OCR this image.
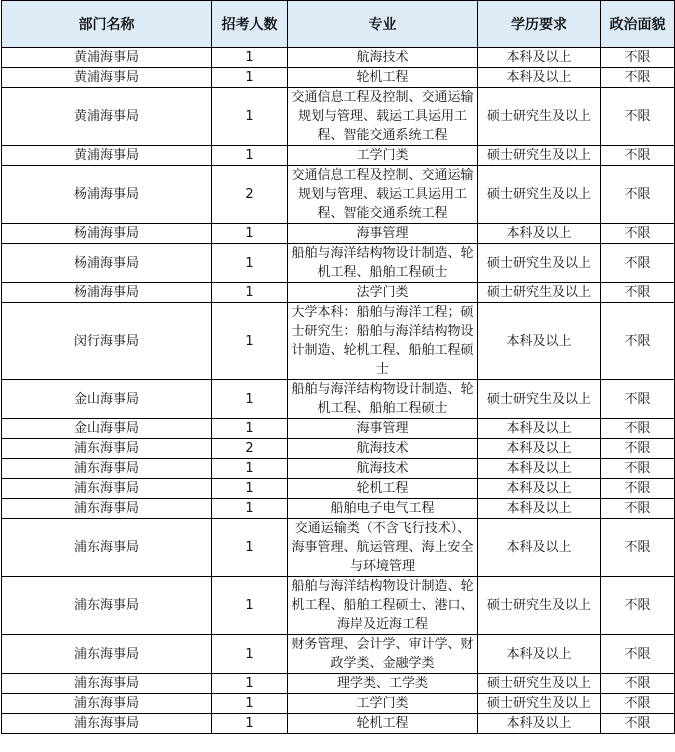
部门名称	招考人数	专业	学历要求	政治面貌
黄浦海事局	1	航海技术	本科及以上	不限
黄浦海事局	1	轮机工程	本科及以上	不限
黄浦海事局	1	交通信息工程及控制、交通运输规划与管理、载运工具运用工程、智能交通系统工程	硕士研究生及以上	不限
黄浦海事局	1	工学门类	硕士研究生及以上	不限
杨浦海事局	2	交通信息工程及控制、交通运输规划与管理、载运工具运用工程、智能交通系统工程	硕士研究生及以上	不限
杨浦海事局	1	海事管理	本科及以上	不限
杨浦海事局	1	船舶与海洋结构物设计制造、轮机工程、船舶工程硕士	硕士研究生及以上	不限
杨浦海事局	1	法学门类	硕士研究生及以上	不限
闵行海事局	1	大学本科：船舶与海洋工程；硕士研究生：船舶与海洋结构物设计制造、轮机工程、船舶工程硕士	本科及以上	不限
金山海事局	1	船舶与海洋结构物设计制造、轮机工程、船舶工程硕士	硕士研究生及以上	不限
金山海事局	1	海事管理	本科及以上	不限
浦东海事局	2	航海技术	本科及以上	不限
浦东海事局	1	航海技术	本科及以上	不限
浦东海事局	1	轮机工程	本科及以上	不限
浦东海事局	1	船舶电子电气工程	本科及以上	不限
浦东海事局	1	交通运输类（不含飞行技术）、海事管理、航运管理、海上安全与环境管理	本科及以上	不限
浦东海事局	1	船舶与海洋结构物设计制造、轮机工程、船舶工程硕士、港口、海岸及近海工程	硕士研究生及以上	不限
浦东海事局	1	财务管理、会计学、审计学、财政学类、金融学类	本科及以上	不限
浦东海事局	1	理学类、工学类	硕士研究生及以上	不限
浦东海事局	1	工学门类	硕士研究生及以上	不限
浦东海事局	1	轮机工程	本科及以上	不限
